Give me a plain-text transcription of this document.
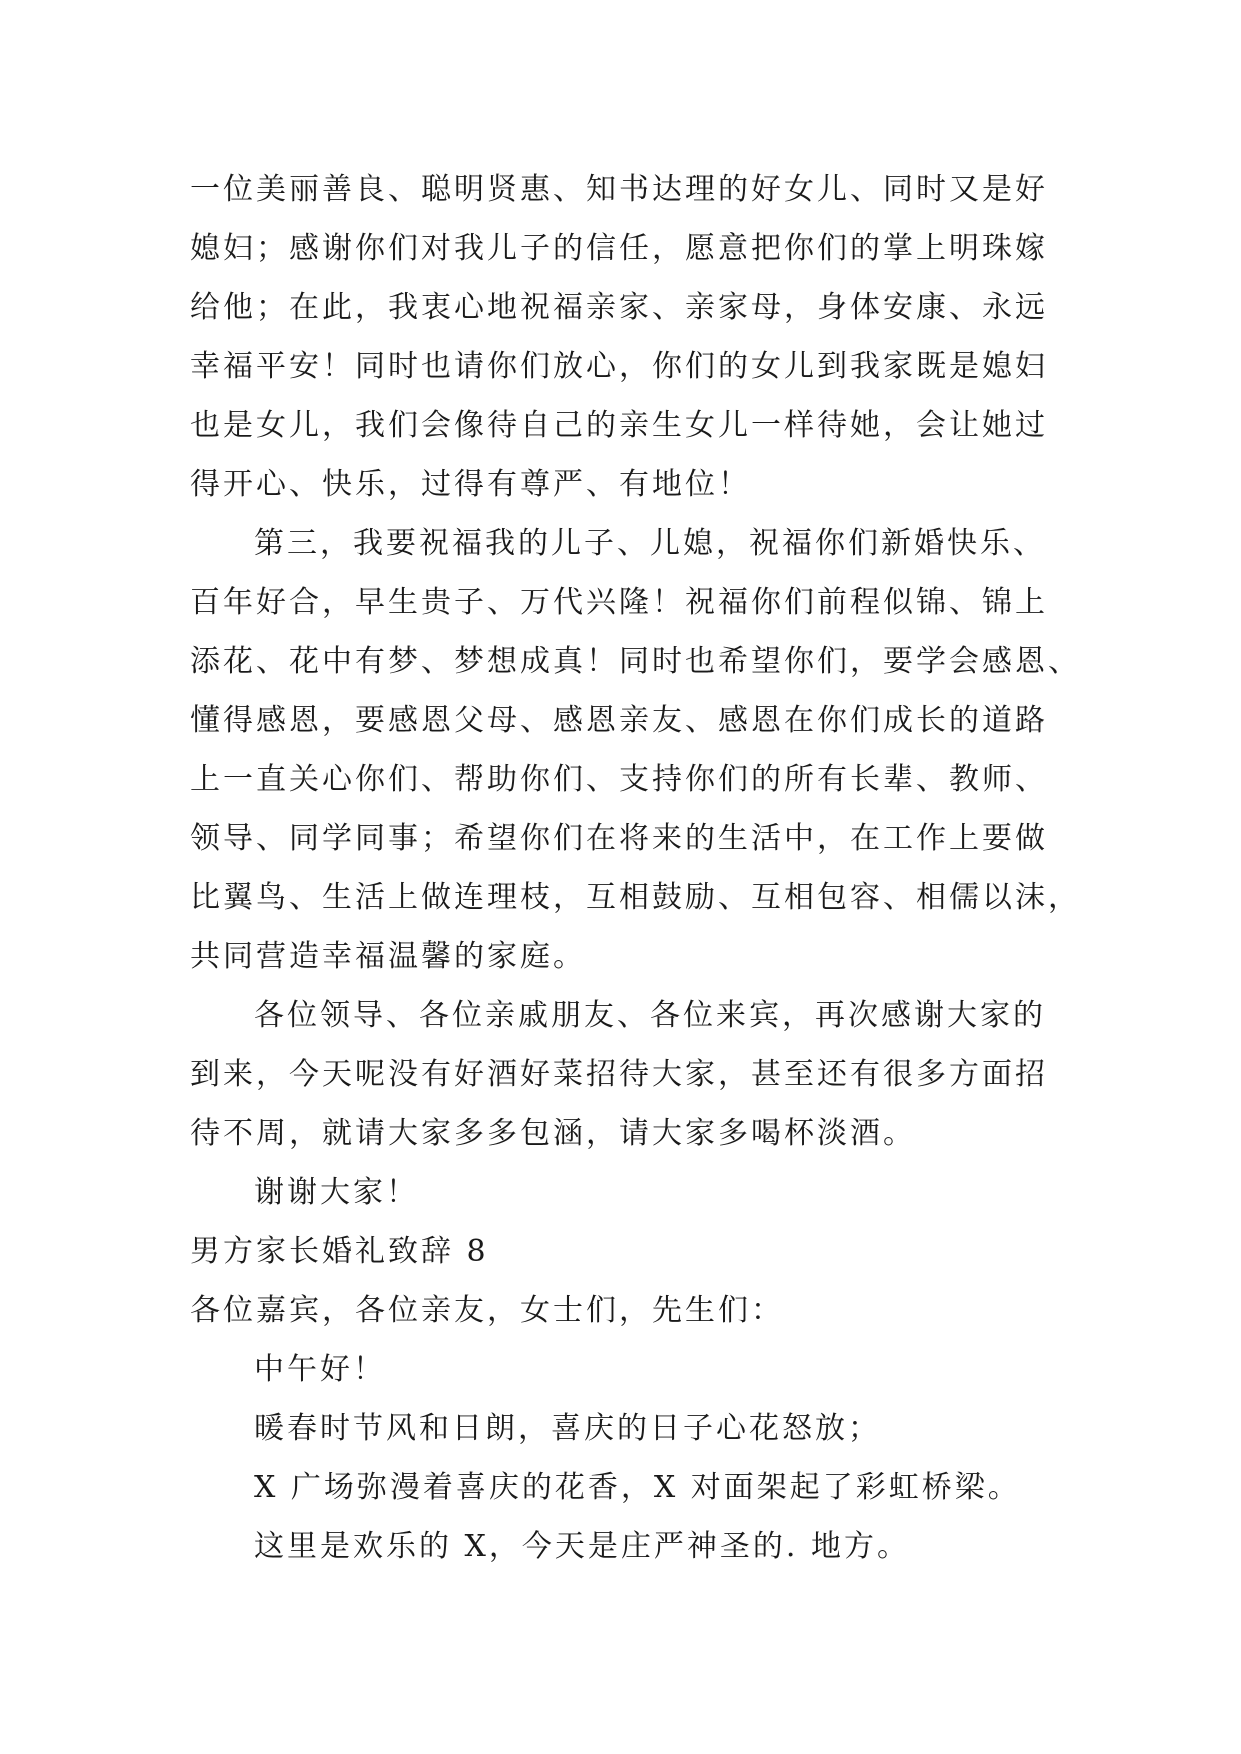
一位美丽善良、聪明贤惠、知书达理的好女儿、同时又是好
媳妇；感谢你们对我儿子的信任，愿意把你们的掌上明珠嫁
给他；在此，我衷心地祝福亲家、亲家母，身体安康、永远
幸福平安！同时也请你们放心，你们的女儿到我家既是媳妇
也是女儿，我们会像待自己的亲生女儿一样待她，会让她过
得开心、快乐，过得有尊严、有地位！
第三，我要祝福我的儿子、儿媳，祝福你们新婚快乐、
百年好合，早生贵子、万代兴隆！祝福你们前程似锦、锦上
添花、花中有梦、梦想成真！同时也希望你们，要学会感恩、
懂得感恩，要感恩父母、感恩亲友、感恩在你们成长的道路
上一直关心你们、帮助你们、支持你们的所有长辈、教师、
领导、同学同事；希望你们在将来的生活中，在工作上要做
比翼鸟、生活上做连理枝，互相鼓励、互相包容、相儒以沫，
共同营造幸福温馨的家庭。
各位领导、各位亲戚朋友、各位来宾，再次感谢大家的
到来，今天呢没有好酒好菜招待大家，甚至还有很多方面招
待不周，就请大家多多包涵，请大家多喝杯淡酒。
谢谢大家！
男方家长婚礼致辞 8
各位嘉宾，各位亲友，女士们，先生们：
中午好！
暖春时节风和日朗，喜庆的日子心花怒放；
X 广场弥漫着喜庆的花香，X 对面架起了彩虹桥梁。
这里是欢乐的 X，今天是庄严神圣的. 地方。
